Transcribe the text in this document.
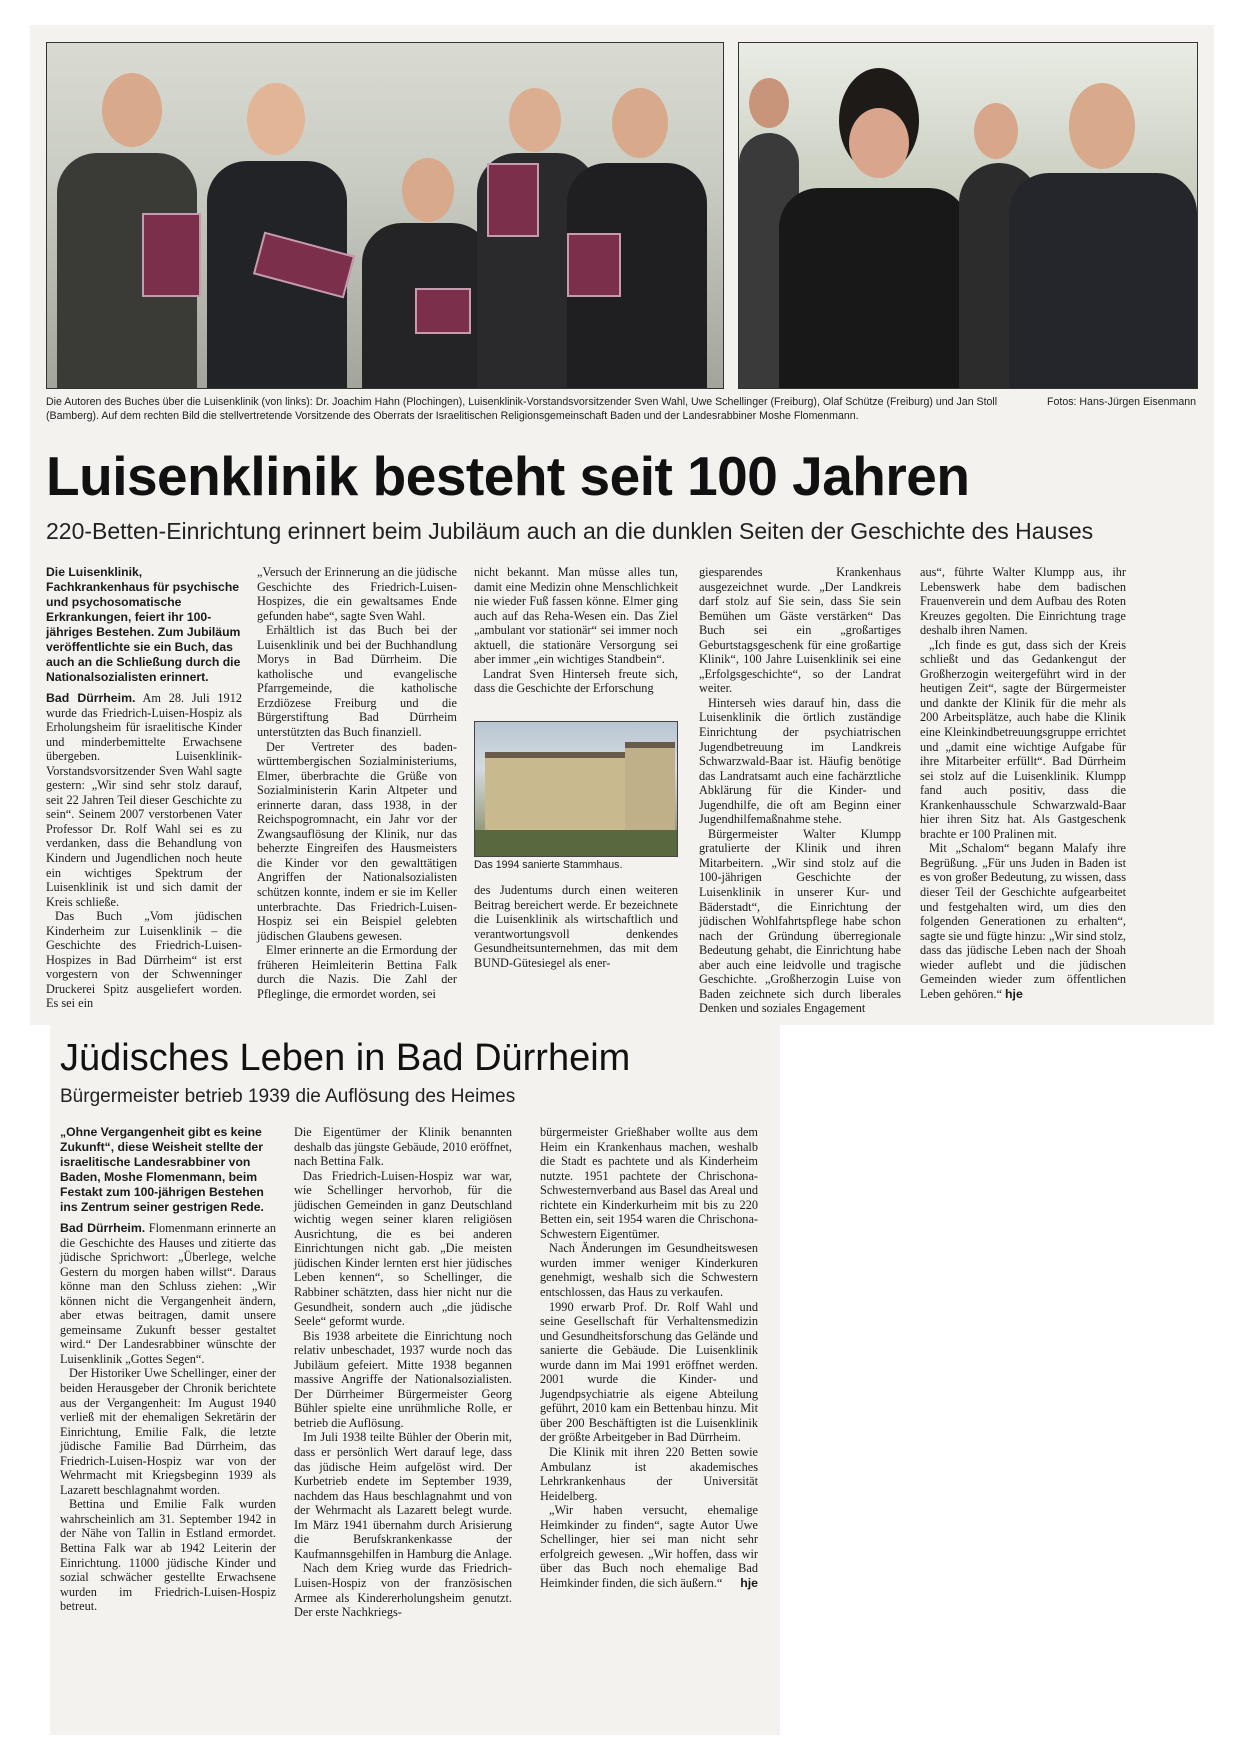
Fotos: Hans-Jürgen Eisenmann
Die Autoren des Buches über die Luisenklinik (von links): Dr. Joachim Hahn (Plochingen), Luisenklinik-Vorstandsvorsitzender Sven Wahl, Uwe Schellinger (Freiburg), Olaf Schütze (Freiburg) und Jan Stoll (Bamberg). Auf dem rechten Bild die stellvertretende Vorsitzende des Oberrats der Israelitischen Religionsgemeinschaft Baden und der Landesrabbiner Moshe Flomenmann.
Luisenklinik besteht seit 100 Jahren
220-Betten-Einrichtung erinnert beim Jubiläum auch an die dunklen Seiten der Geschichte des Hauses

Die Luisenklinik, Fachkrankenhaus für psychische und psychosomatische Erkrankungen, feiert ihr 100-jähriges Bestehen. Zum Jubiläum veröffentlichte sie ein Buch, das auch an die Schließung durch die Nationalsozialisten erinnert.

Bad Dürrheim. Am 28. Juli 1912 wurde das Friedrich-Luisen-Hospiz als Erholungsheim für israelitische Kinder und minderbemittelte Erwachsene übergeben. Luisenklinik-Vorstandsvorsitzender Sven Wahl sagte gestern: „Wir sind sehr stolz darauf, seit 22 Jahren Teil dieser Geschichte zu sein“. Seinem 2007 verstorbenen Vater Professor Dr. Rolf Wahl sei es zu verdanken, dass die Behandlung von Kindern und Jugendlichen noch heute ein wichtiges Spektrum der Luisenklinik ist und sich damit der Kreis schließe.

Das Buch „Vom jüdischen Kinderheim zur Luisenklinik – die Geschichte des Friedrich-Luisen-Hospizes in Bad Dürrheim“ ist erst vorgestern von der Schwenninger Druckerei Spitz ausgeliefert worden. Es sei ein

„Versuch der Erinnerung an die jüdische Geschichte des Friedrich-Luisen-Hospizes, die ein gewaltsames Ende gefunden habe“, sagte Sven Wahl.

Erhältlich ist das Buch bei der Luisenklinik und bei der Buchhandlung Morys in Bad Dürrheim. Die katholische und evangelische Pfarrgemeinde, die katholische Erzdiözese Freiburg und die Bürgerstiftung Bad Dürrheim unterstützten das Buch finanziell.

Der Vertreter des baden-württembergischen Sozialministeriums, Elmer, überbrachte die Grüße von Sozialministerin Karin Altpeter und erinnerte daran, dass 1938, in der Reichspogromnacht, ein Jahr vor der Zwangsauflösung der Klinik, nur das beherzte Eingreifen des Hausmeisters die Kinder vor den gewalttätigen Angriffen der Nationalsozialisten schützen konnte, indem er sie im Keller unterbrachte. Das Friedrich-Luisen-Hospiz sei ein Beispiel gelebten jüdischen Glaubens gewesen.

Elmer erinnerte an die Ermordung der früheren Heimleiterin Bettina Falk durch die Nazis. Die Zahl der Pfleglinge, die ermordet worden, sei

nicht bekannt. Man müsse alles tun, damit eine Medizin ohne Menschlichkeit nie wieder Fuß fassen könne. Elmer ging auch auf das Reha-Wesen ein. Das Ziel „ambulant vor stationär“ sei immer noch aktuell, die stationäre Versorgung sei aber immer „ein wichtiges Standbein“.

Landrat Sven Hinterseh freute sich, dass die Geschichte der Erforschung

Das 1994 sanierte Stammhaus.

des Judentums durch einen weiteren Beitrag bereichert werde. Er bezeichnete die Luisenklinik als wirtschaftlich und verantwortungsvoll denkendes Gesundheitsunternehmen, das mit dem BUND-Gütesiegel als ener-

giesparendes Krankenhaus ausgezeichnet wurde. „Der Landkreis darf stolz auf Sie sein, dass Sie sein Bemühen um Gäste verstärken“ Das Buch sei ein „großartiges Geburtstagsgeschenk für eine großartige Klinik“, 100 Jahre Luisenklinik sei eine „Erfolgsgeschichte“, so der Landrat weiter.

Hinterseh wies darauf hin, dass die Luisenklinik die örtlich zuständige Einrichtung der psychiatrischen Jugendbetreuung im Landkreis Schwarzwald-Baar ist. Häufig benötige das Landratsamt auch eine fachärztliche Abklärung für die Kinder- und Jugendhilfe, die oft am Beginn einer Jugendhilfemaßnahme stehe.

Bürgermeister Walter Klumpp gratulierte der Klinik und ihren Mitarbeitern. „Wir sind stolz auf die 100-jährigen Geschichte der Luisenklinik in unserer Kur- und Bäderstadt“, die Einrichtung der jüdischen Wohlfahrtspflege habe schon nach der Gründung überregionale Bedeutung gehabt, die Einrichtung habe aber auch eine leidvolle und tragische Geschichte. „Großherzogin Luise von Baden zeichnete sich durch liberales Denken und soziales Engagement

aus“, führte Walter Klumpp aus, ihr Lebenswerk habe dem badischen Frauenverein und dem Aufbau des Roten Kreuzes gegolten. Die Einrichtung trage deshalb ihren Namen.

„Ich finde es gut, dass sich der Kreis schließt und das Gedankengut der Großherzogin weitergeführt wird in der heutigen Zeit“, sagte der Bürgermeister und dankte der Klinik für die mehr als 200 Arbeitsplätze, auch habe die Klinik eine Kleinkindbetreuungsgruppe errichtet und „damit eine wichtige Aufgabe für ihre Mitarbeiter erfüllt“. Bad Dürrheim sei stolz auf die Luisenklinik. Klumpp fand auch positiv, dass die Krankenhausschule Schwarzwald-Baar hier ihren Sitz hat. Als Gastgeschenk brachte er 100 Pralinen mit.

Mit „Schalom“ begann Malafy ihre Begrüßung. „Für uns Juden in Baden ist es von großer Bedeutung, zu wissen, dass dieser Teil der Geschichte aufgearbeitet und festgehalten wird, um dies den folgenden Generationen zu erhalten“, sagte sie und fügte hinzu: „Wir sind stolz, dass das jüdische Leben nach der Shoah wieder auflebt und die jüdischen Gemeinden wieder zum öffentlichen Leben gehören.“ hje

Jüdisches Leben in Bad Dürrheim
Bürgermeister betrieb 1939 die Auflösung des Heimes

„Ohne Vergangenheit gibt es keine Zukunft“, diese Weisheit stellte der israelitische Landesrabbiner von Baden, Moshe Flomenmann, beim Festakt zum 100-jährigen Bestehen ins Zentrum seiner gestrigen Rede.

Bad Dürrheim. Flomenmann erinnerte an die Geschichte des Hauses und zitierte das jüdische Sprichwort: „Überlege, welche Gestern du morgen haben willst“. Daraus könne man den Schluss ziehen: „Wir können nicht die Vergangenheit ändern, aber etwas beitragen, damit unsere gemeinsame Zukunft besser gestaltet wird.“ Der Landesrabbiner wünschte der Luisenklinik „Gottes Segen“.

Der Historiker Uwe Schellinger, einer der beiden Herausgeber der Chronik berichtete aus der Vergangenheit: Im August 1940 verließ mit der ehemaligen Sekretärin der Einrichtung, Emilie Falk, die letzte jüdische Familie Bad Dürrheim, das Friedrich-Luisen-Hospiz war von der Wehrmacht mit Kriegsbeginn 1939 als Lazarett beschlagnahmt worden.

Bettina und Emilie Falk wurden wahrscheinlich am 31. September 1942 in der Nähe von Tallin in Estland ermordet. Bettina Falk war ab 1942 Leiterin der Einrichtung. 11000 jüdische Kinder und sozial schwächer gestellte Erwachsene wurden im Friedrich-Luisen-Hospiz betreut.

Die Eigentümer der Klinik benannten deshalb das jüngste Gebäude, 2010 eröffnet, nach Bettina Falk.

Das Friedrich-Luisen-Hospiz war war, wie Schellinger hervorhob, für die jüdischen Gemeinden in ganz Deutschland wichtig wegen seiner klaren religiösen Ausrichtung, die es bei anderen Einrichtungen nicht gab. „Die meisten jüdischen Kinder lernten erst hier jüdisches Leben kennen“, so Schellinger, die Rabbiner schätzten, dass hier nicht nur die Gesundheit, sondern auch „die jüdische Seele“ geformt wurde.

Bis 1938 arbeitete die Einrichtung noch relativ unbeschadet, 1937 wurde noch das Jubiläum gefeiert. Mitte 1938 begannen massive Angriffe der Nationalsozialisten. Der Dürrheimer Bürgermeister Georg Bühler spielte eine unrühmliche Rolle, er betrieb die Auflösung.

Im Juli 1938 teilte Bühler der Oberin mit, dass er persönlich Wert darauf lege, dass das jüdische Heim aufgelöst wird. Der Kurbetrieb endete im September 1939, nachdem das Haus beschlagnahmt und von der Wehrmacht als Lazarett belegt wurde. Im März 1941 übernahm durch Arisierung die Berufskrankenkasse der Kaufmannsgehilfen in Hamburg die Anlage.

Nach dem Krieg wurde das Friedrich-Luisen-Hospiz von der französischen Armee als Kindererholungsheim genutzt. Der erste Nachkriegs-

bürgermeister Grießhaber wollte aus dem Heim ein Krankenhaus machen, weshalb die Stadt es pachtete und als Kinderheim nutzte. 1951 pachtete der Chrischona-Schwesternverband aus Basel das Areal und richtete ein Kinderkurheim mit bis zu 220 Betten ein, seit 1954 waren die Chrischona-Schwestern Eigentümer.

Nach Änderungen im Gesundheitswesen wurden immer weniger Kinderkuren genehmigt, weshalb sich die Schwestern entschlossen, das Haus zu verkaufen.

1990 erwarb Prof. Dr. Rolf Wahl und seine Gesellschaft für Verhaltensmedizin und Gesundheitsforschung das Gelände und sanierte die Gebäude. Die Luisenklinik wurde dann im Mai 1991 eröffnet werden. 2001 wurde die Kinder- und Jugendpsychiatrie als eigene Abteilung geführt, 2010 kam ein Bettenbau hinzu. Mit über 200 Beschäftigten ist die Luisenklinik der größte Arbeitgeber in Bad Dürrheim.

Die Klinik mit ihren 220 Betten sowie Ambulanz ist akademisches Lehrkrankenhaus der Universität Heidelberg.

„Wir haben versucht, ehemalige Heimkinder zu finden“, sagte Autor Uwe Schellinger, hier sei man nicht sehr erfolgreich gewesen. „Wir hoffen, dass wir über das Buch noch ehemalige Bad Heimkinder finden, die sich äußern.“	hje
